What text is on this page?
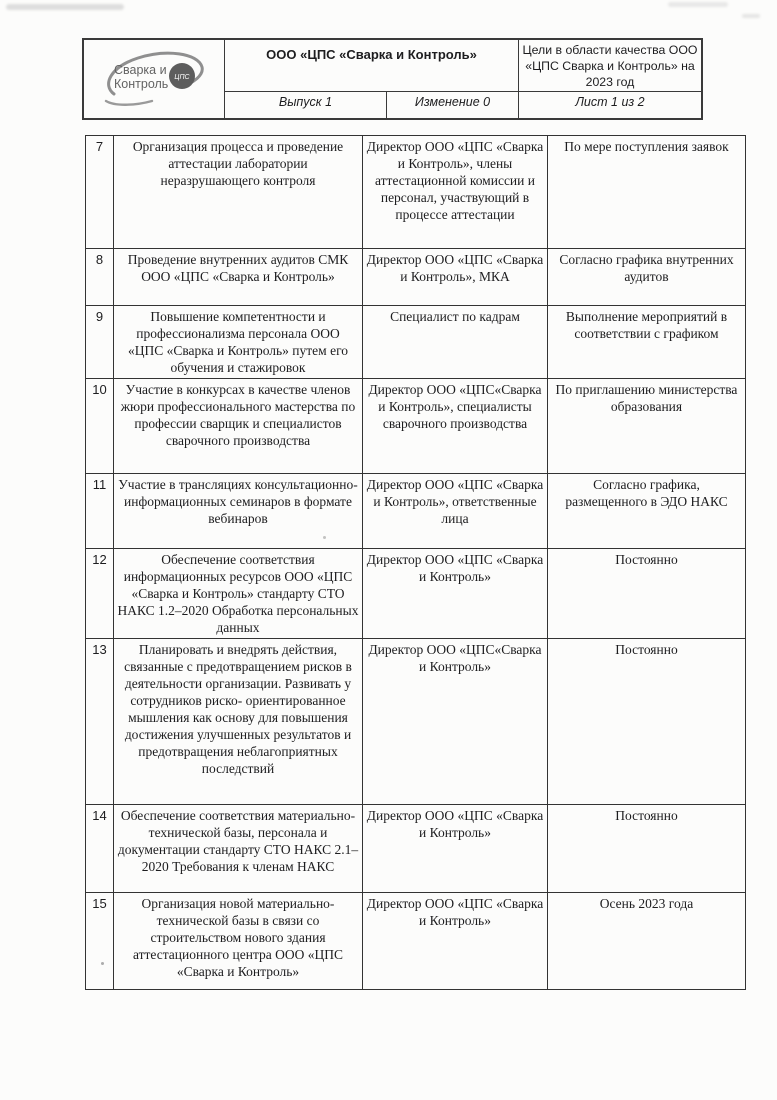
ЦПС
Сварка и
Контроль
ООО «ЦПС «Сварка и Контроль»	Цели в области качества ООО «ЦПС Сварка и Контроль» на 2023 год
Выпуск 1	Изменение 0	Лист 1 из 2
7	Организация процесса и проведение аттестации лаборатории неразрушающего контроля	Директор ООО «ЦПС «Сварка и Контроль», члены аттестационной комиссии и персонал, участвующий в процессе аттестации	По мере поступления заявок
8	Проведение внутренних аудитов СМК ООО «ЦПС «Сварка и Контроль»	Директор ООО «ЦПС «Сварка и Контроль», МКА	Согласно графика внутренних аудитов
9	Повышение компетентности и профессионализма персонала ООО «ЦПС «Сварка и Контроль» путем его обучения и стажировок	Специалист по кадрам	Выполнение мероприятий в соответствии с графиком
10	Участие в конкурсах в качестве членов жюри профессионального мастерства по профессии сварщик и специалистов сварочного производства	Директор ООО «ЦПС«Сварка и Контроль», специалисты сварочного производства	По приглашению министерства образования
11	Участие в трансляциях консультационно- информационных семинаров в формате вебинаров	Директор ООО «ЦПС «Сварка и Контроль», ответственные лица	Согласно графика, размещенного в ЭДО НАКС
12	Обеспечение соответствия информационных ресурсов ООО «ЦПС «Сварка и Контроль» стандарту СТО НАКС 1.2–2020 Обработка персональных данных	Директор ООО «ЦПС «Сварка и Контроль»	Постоянно
13	Планировать и внедрять действия, связанные с предотвращением рисков в деятельности организации. Развивать у сотрудников риско- ориентированное мышления как основу для повышения достижения улучшенных результатов и предотвращения неблагоприятных последствий	Директор ООО «ЦПС«Сварка и Контроль»	Постоянно
14	Обеспечение соответствия материально-технической базы, персонала и документации стандарту СТО НАКС 2.1–2020 Требования к членам НАКС	Директор ООО «ЦПС «Сварка и Контроль»	Постоянно
15	Организация новой материально- технической базы в связи со строительством нового здания аттестационного центра ООО «ЦПС «Сварка и Контроль»	Директор ООО «ЦПС «Сварка и Контроль»	Осень 2023 года
